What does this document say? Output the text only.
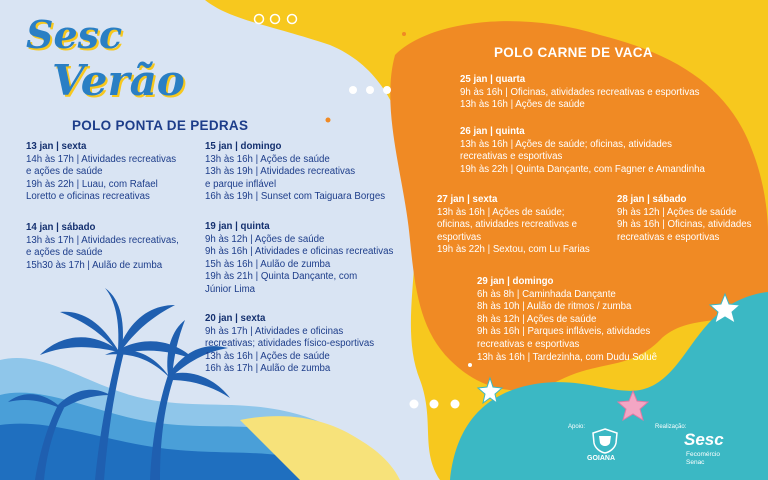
Sesc
Verão
POLO PONTA DE PEDRAS

13 jan | sexta

14h às 17h | Atividades recreativas

e ações de saúde

19h às 22h | Luau, com Rafael

Loretto e oficinas recreativas

14 jan | sábado

13h às 17h | Atividades recreativas,

e ações de saúde

15h30 às 17h | Aulão de zumba

15 jan | domingo

13h às 16h | Ações de saúde

13h às 19h | Atividades recreativas

e parque inflável

16h às 19h | Sunset com Taiguara Borges

19 jan | quinta

9h às 12h | Ações de saúde

9h às 16h | Atividades e oficinas recreativas

15h às 16h | Aulão de zumba

19h às 21h | Quinta Dançante, com

Júnior Lima

20 jan | sexta

9h às 17h | Atividades e oficinas

recreativas; atividades físico-esportivas

13h às 16h | Ações de saúde

16h às 17h | Aulão de zumba

POLO CARNE DE VACA

25 jan | quarta

9h às 16h | Oficinas, atividades recreativas e esportivas

13h às 16h | Ações de saúde

26 jan | quinta

13h às 16h | Ações de saúde; oficinas, atividades

recreativas e esportivas

19h às 22h | Quinta Dançante, com Fagner e Amandinha

27 jan | sexta

13h às 16h | Ações de saúde;

oficinas, atividades recreativas e

esportivas

19h às 22h | Sextou, com Lu Farias

28 jan | sábado

9h às 12h | Ações de saúde

9h às 16h | Oficinas, atividades

recreativas e esportivas

29 jan | domingo

6h às 8h | Caminhada Dançante

8h às 10h | Aulão de ritmos / zumba

8h às 12h | Ações de saúde

9h às 16h | Parques infláveis, atividades

recreativas e esportivas

13h às 16h | Tardezinha, com Dudu Soluê

Apoio:
GOIANA
Realização:
Sesc
Fecomércio
Senac
